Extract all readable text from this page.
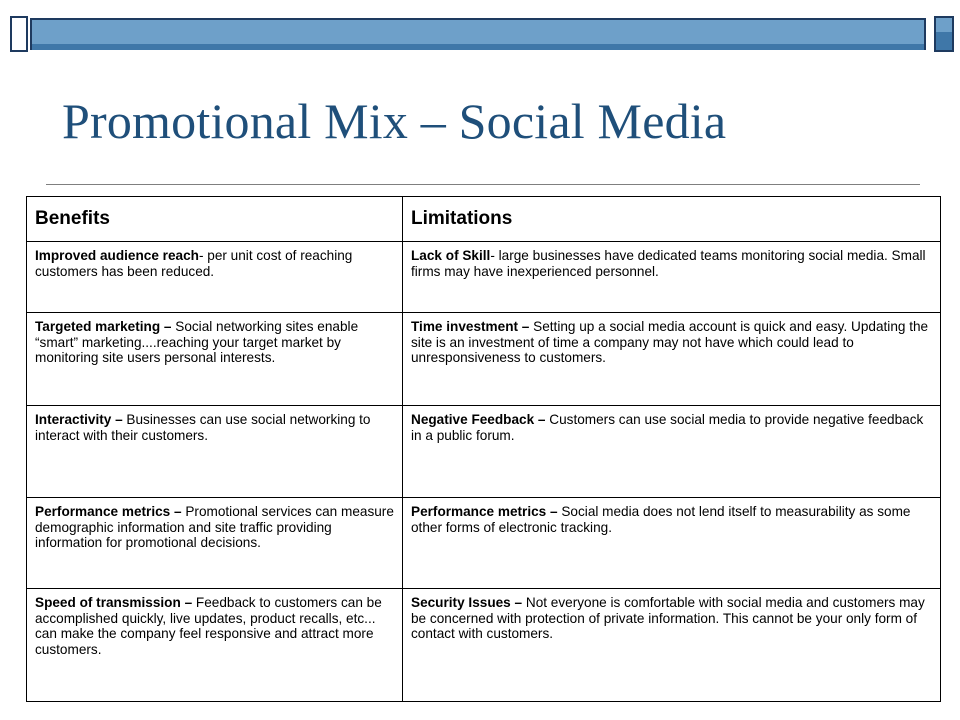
Promotional Mix – Social Media
Benefits	Limitations
Improved audience reach- per unit cost of reaching customers has been reduced.	Lack of Skill- large businesses have dedicated teams monitoring social media. Small firms may have inexperienced personnel.
Targeted marketing – Social networking sites enable “smart” marketing....reaching your target market by monitoring site users personal interests.	Time investment – Setting up a social media account is quick and easy. Updating the site is an investment of time a company may not have which could lead to unresponsiveness to customers.
Interactivity – Businesses can use social networking to interact with their customers.	Negative Feedback – Customers can use social media to provide negative feedback in a public forum.
Performance metrics – Promotional services can measure demographic information and site traffic providing information for promotional decisions.	Performance metrics – Social media does not lend itself to measurability as some other forms of electronic tracking.
Speed of transmission – Feedback to customers can be accomplished quickly, live updates, product recalls, etc... can make the company feel responsive and attract more customers.	Security Issues – Not everyone is comfortable with social media and customers may be concerned with protection of private information. This cannot be your only form of contact with customers.
